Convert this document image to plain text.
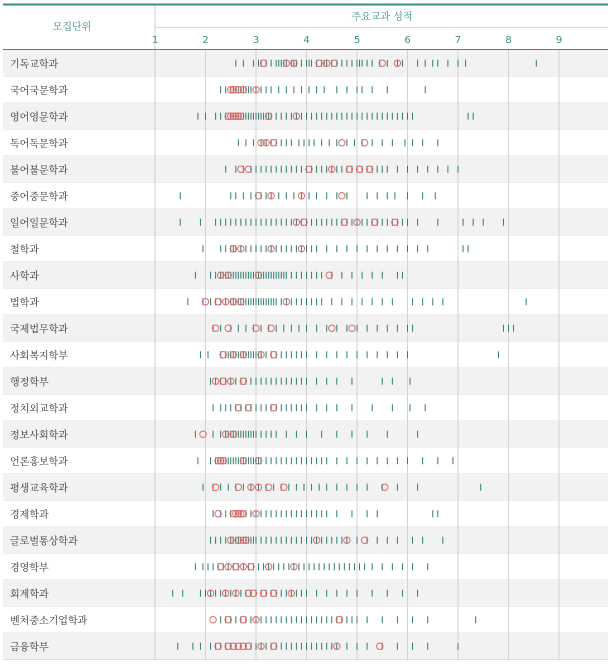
모집단위
주요교과 성적
1	2	3	4	5	6	7	8	9
기독교학과
국어국문학과
영어영문학과
독어독문학과
불어불문학과
중어중문학과
일어일문학과
철학과
사학과
법학과
국제법무학과
사회복지학부
행정학부
정치외교학과
정보사회학과
언론홍보학과
평생교육학과
경제학과
글로벌통상학과
경영학부
회계학과
벤처중소기업학과
금융학부
